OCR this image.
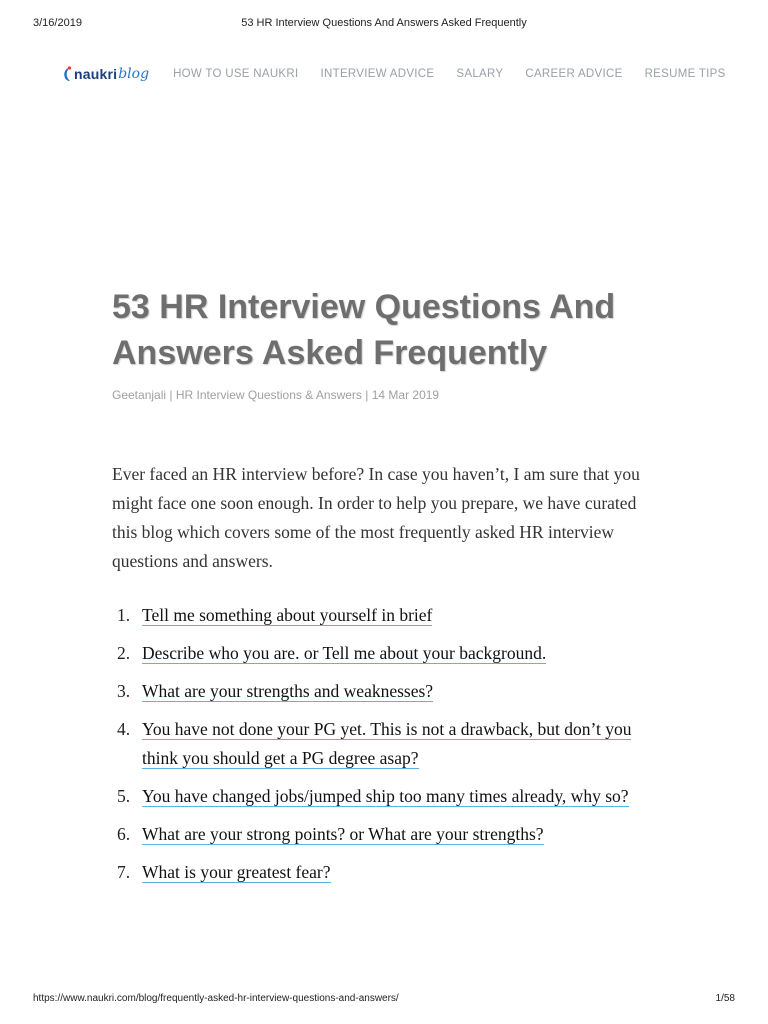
3/16/2019	53 HR Interview Questions And Answers Asked Frequently
naukri blog HOW TO USE NAUKRI INTERVIEW ADVICE SALARY CAREER ADVICE RESUME TIPS
53 HR Interview Questions And Answers Asked Frequently
Geetanjali | HR Interview Questions & Answers | 14 Mar 2019

Ever faced an HR interview before? In case you haven’t, I am sure that you might face one soon enough. In order to help you prepare, we have curated this blog which covers some of the most frequently asked HR interview questions and answers.

1. Tell me something about yourself in brief
2. Describe who you are. or Tell me about your background.
3. What are your strengths and weaknesses?
4. You have not done your PG yet. This is not a drawback, but don’t you think you should get a PG degree asap?
5. You have changed jobs/jumped ship too many times already, why so?
6. What are your strong points? or What are your strengths?
7. What is your greatest fear?
https://www.naukri.com/blog/frequently-asked-hr-interview-questions-and-answers/	1/58
